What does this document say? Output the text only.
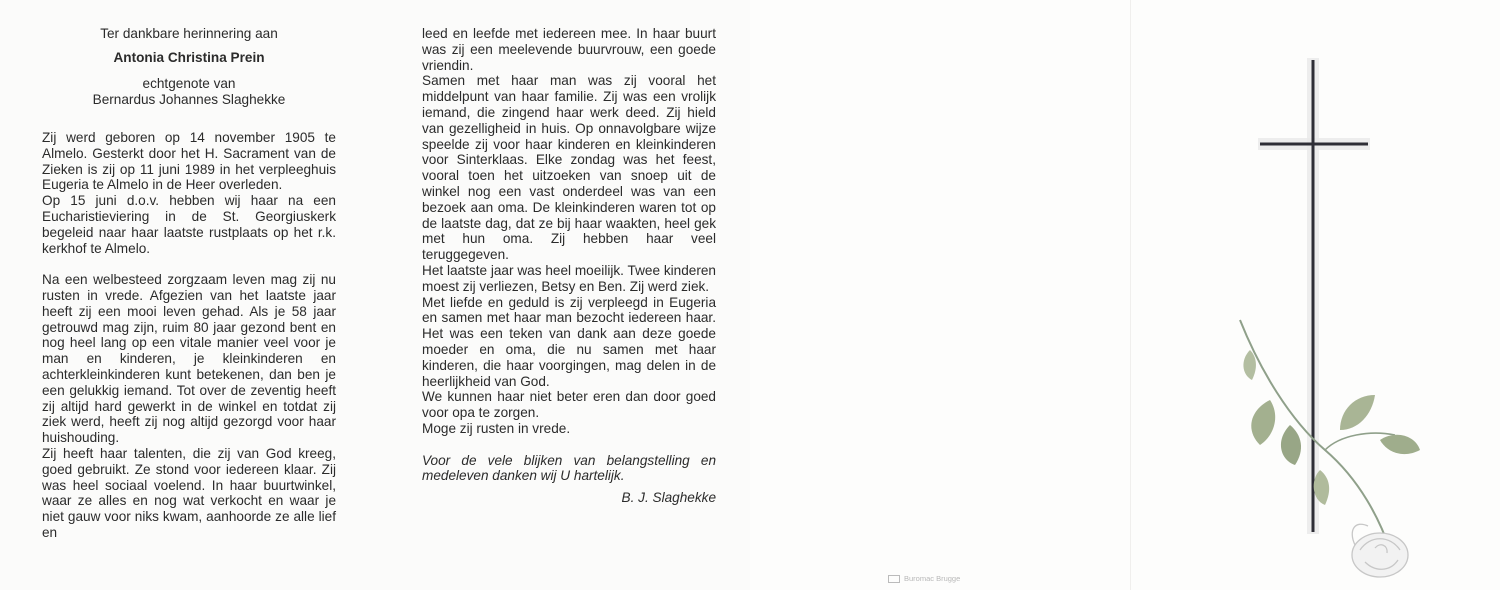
Ter dankbare herinnering aan
Antonia Christina Prein
echtgenote van
Bernardus Johannes Slaghekke

Zij werd geboren op 14 november 1905 te Almelo. Gesterkt door het H. Sacrament van de Zieken is zij op 11 juni 1989 in het verpleeghuis Eugeria te Almelo in de Heer overleden.

Op 15 juni d.o.v. hebben wij haar na een Eucharistieviering in de St. Georgiuskerk begeleid naar haar laatste rustplaats op het r.k. kerkhof te Almelo.

Na een welbesteed zorgzaam leven mag zij nu rusten in vrede. Afgezien van het laatste jaar heeft zij een mooi leven gehad. Als je 58 jaar getrouwd mag zijn, ruim 80 jaar gezond bent en nog heel lang op een vitale manier veel voor je man en kinderen, je kleinkinderen en achterkleinkinderen kunt betekenen, dan ben je een gelukkig iemand. Tot over de zeventig heeft zij altijd hard gewerkt in de winkel en totdat zij ziek werd, heeft zij nog altijd gezorgd voor haar huishouding.

Zij heeft haar talenten, die zij van God kreeg, goed gebruikt. Ze stond voor iedereen klaar. Zij was heel sociaal voelend. In haar buurtwinkel, waar ze alles en nog wat verkocht en waar je niet gauw voor niks kwam, aanhoorde ze alle lief en

leed en leefde met iedereen mee. In haar buurt was zij een meelevende buurvrouw, een goede vriendin.

Samen met haar man was zij vooral het middelpunt van haar familie. Zij was een vrolijk iemand, die zingend haar werk deed. Zij hield van gezelligheid in huis. Op onnavolgbare wijze speelde zij voor haar kinderen en kleinkinderen voor Sinterklaas. Elke zondag was het feest, vooral toen het uitzoeken van snoep uit de winkel nog een vast onderdeel was van een bezoek aan oma. De kleinkinderen waren tot op de laatste dag, dat ze bij haar waakten, heel gek met hun oma. Zij hebben haar veel teruggegeven.

Het laatste jaar was heel moeilijk. Twee kinderen moest zij verliezen, Betsy en Ben. Zij werd ziek.

Met liefde en geduld is zij verpleegd in Eugeria en samen met haar man bezocht iedereen haar. Het was een teken van dank aan deze goede moeder en oma, die nu samen met haar kinderen, die haar voorgingen, mag delen in de heerlijkheid van God.

We kunnen haar niet beter eren dan door goed voor opa te zorgen.

Moge zij rusten in vrede.

Voor de vele blijken van belangstelling en medeleven danken wij U hartelijk.

B. J. Slaghekke
Buromac Brugge
